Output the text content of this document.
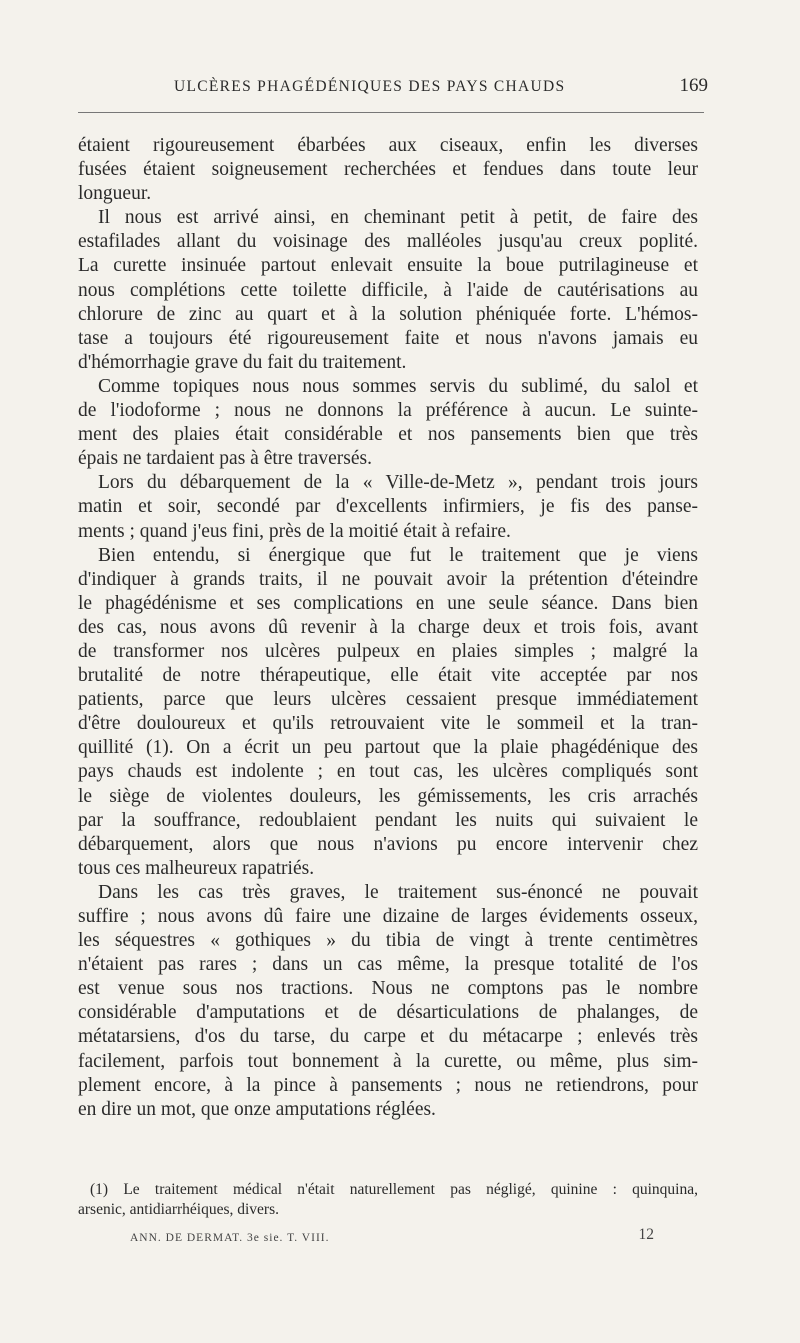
ULCÈRES PHAGÉDÉNIQUES DES PAYS CHAUDS	169
étaient rigoureusement ébarbées aux ciseaux, enfin les diverses
fusées étaient soigneusement recherchées et fendues dans toute leur
longueur.
Il nous est arrivé ainsi, en cheminant petit à petit, de faire des
estafilades allant du voisinage des malléoles jusqu'au creux poplité.
La curette insinuée partout enlevait ensuite la boue putrilagineuse et
nous complétions cette toilette difficile, à l'aide de cautérisations au
chlorure de zinc au quart et à la solution phéniquée forte. L'hémos-
tase a toujours été rigoureusement faite et nous n'avons jamais eu
d'hémorrhagie grave du fait du traitement.
Comme topiques nous nous sommes servis du sublimé, du salol et
de l'iodoforme ; nous ne donnons la préférence à aucun. Le suinte-
ment des plaies était considérable et nos pansements bien que très
épais ne tardaient pas à être traversés.
Lors du débarquement de la « Ville-de-Metz », pendant trois jours
matin et soir, secondé par d'excellents infirmiers, je fis des panse-
ments ; quand j'eus fini, près de la moitié était à refaire.
Bien entendu, si énergique que fut le traitement que je viens
d'indiquer à grands traits, il ne pouvait avoir la prétention d'éteindre
le phagédénisme et ses complications en une seule séance. Dans bien
des cas, nous avons dû revenir à la charge deux et trois fois, avant
de transformer nos ulcères pulpeux en plaies simples ; malgré la
brutalité de notre thérapeutique, elle était vite acceptée par nos
patients, parce que leurs ulcères cessaient presque immédiatement
d'être douloureux et qu'ils retrouvaient vite le sommeil et la tran-
quillité (1). On a écrit un peu partout que la plaie phagédénique des
pays chauds est indolente ; en tout cas, les ulcères compliqués sont
le siège de violentes douleurs, les gémissements, les cris arrachés
par la souffrance, redoublaient pendant les nuits qui suivaient le
débarquement, alors que nous n'avions pu encore intervenir chez
tous ces malheureux rapatriés.
Dans les cas très graves, le traitement sus-énoncé ne pouvait
suffire ; nous avons dû faire une dizaine de larges évidements osseux,
les séquestres « gothiques » du tibia de vingt à trente centimètres
n'étaient pas rares ; dans un cas même, la presque totalité de l'os
est venue sous nos tractions. Nous ne comptons pas le nombre
considérable d'amputations et de désarticulations de phalanges, de
métatarsiens, d'os du tarse, du carpe et du métacarpe ; enlevés très
facilement, parfois tout bonnement à la curette, ou même, plus sim-
plement encore, à la pince à pansements ; nous ne retiendrons, pour
en dire un mot, que onze amputations réglées.
(1) Le traitement médical n'était naturellement pas négligé, quinine : quinquina,
arsenic, antidiarrhéiques, divers.
ANN. DE DERMAT. 3e sie. T. VIII.	12
